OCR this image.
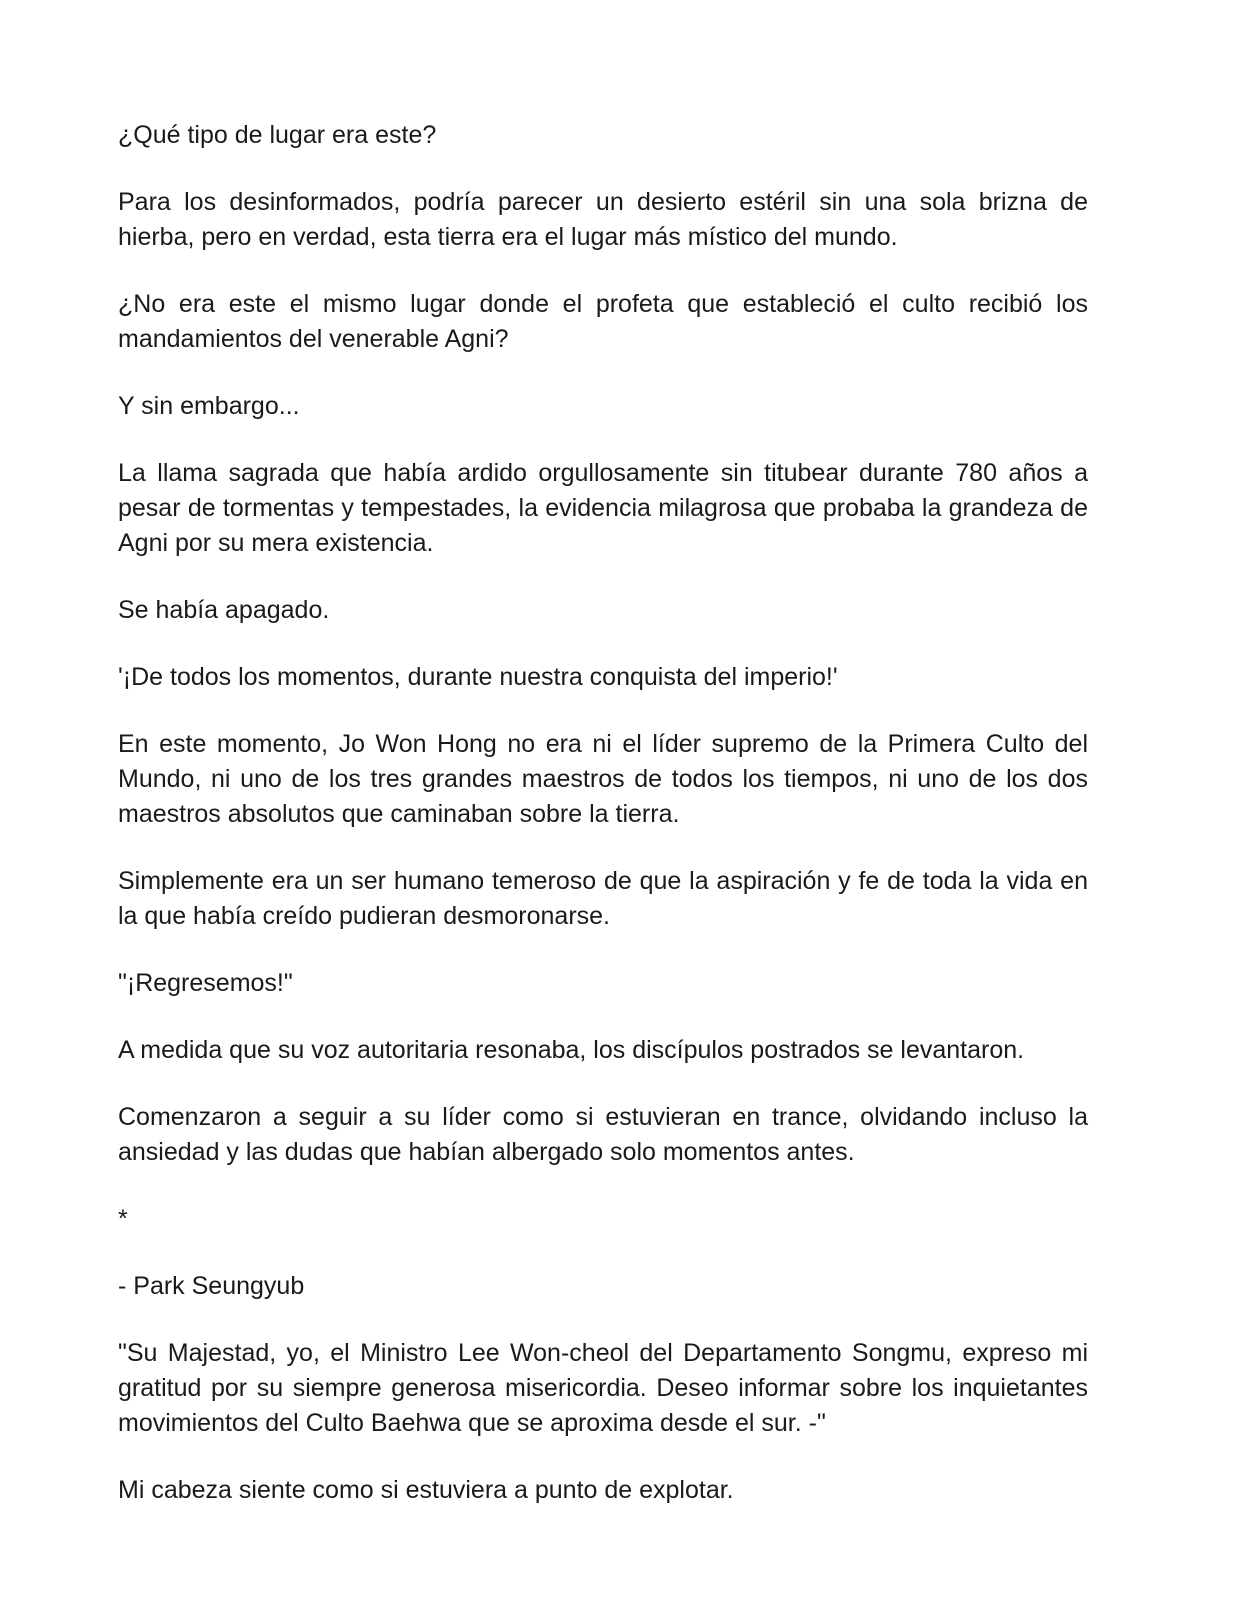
¿Qué tipo de lugar era este?

Para los desinformados, podría parecer un desierto estéril sin una sola brizna de hierba, pero en verdad, esta tierra era el lugar más místico del mundo.

¿No era este el mismo lugar donde el profeta que estableció el culto recibió los mandamientos del venerable Agni?

Y sin embargo...

La llama sagrada que había ardido orgullosamente sin titubear durante 780 años a pesar de tormentas y tempestades, la evidencia milagrosa que probaba la grandeza de Agni por su mera existencia.

Se había apagado.

'¡De todos los momentos, durante nuestra conquista del imperio!'

En este momento, Jo Won Hong no era ni el líder supremo de la Primera Culto del Mundo, ni uno de los tres grandes maestros de todos los tiempos, ni uno de los dos maestros absolutos que caminaban sobre la tierra.

Simplemente era un ser humano temeroso de que la aspiración y fe de toda la vida en la que había creído pudieran desmoronarse.

"¡Regresemos!"

A medida que su voz autoritaria resonaba, los discípulos postrados se levantaron.

Comenzaron a seguir a su líder como si estuvieran en trance, olvidando incluso la ansiedad y las dudas que habían albergado solo momentos antes.

*

- Park Seungyub

"Su Majestad, yo, el Ministro Lee Won-cheol del Departamento Songmu, expreso mi gratitud por su siempre generosa misericordia. Deseo informar sobre los inquietantes movimientos del Culto Baehwa que se aproxima desde el sur. -"

Mi cabeza siente como si estuviera a punto de explotar.
